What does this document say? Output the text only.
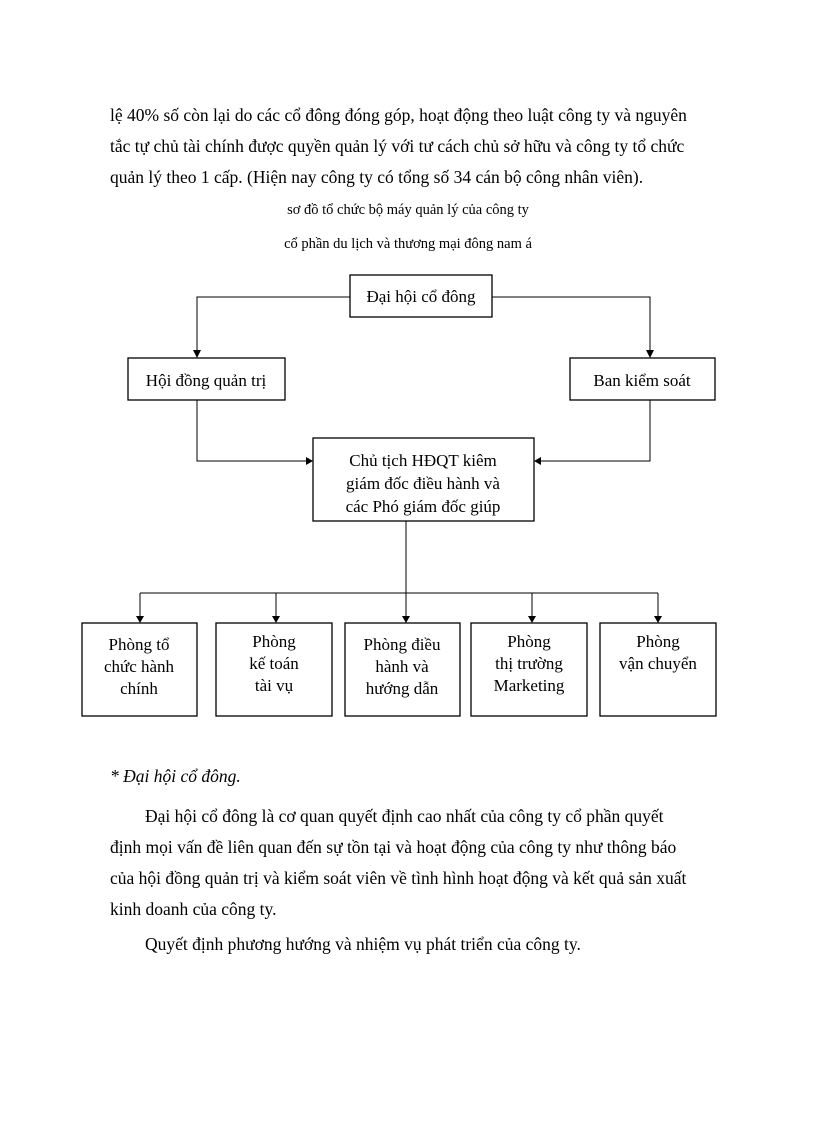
lệ 40% số còn lại do các cổ đông đóng góp, hoạt động theo luật công ty và nguyên
tắc tự chủ tài chính được quyền quản lý với tư cách chủ sở hữu và công ty tổ chức
quản lý theo 1 cấp. (Hiện nay công ty có tổng số 34 cán bộ công nhân viên).
sơ đồ tổ chức bộ máy quản lý của công ty
cổ phần du lịch và thương mại đông nam á
Đại hội cổ đông
Hội đồng quản trị	Ban kiểm soát
Chủ tịch HĐQT kiêm
giám đốc điều hành và
các Phó giám đốc giúp
Phòng tổ
chức hành
chính
Phòng
kế toán
tài vụ
Phòng điều
hành và
hướng dẫn
Phòng
thị trường
Marketing
Phòng
vận chuyển
* Đại hội cổ đông.
Đại hội cổ đông là cơ quan quyết định cao nhất của công ty cổ phần quyết
định mọi vấn đề liên quan đến sự tồn tại và hoạt động của công ty như thông báo
của hội đồng quản trị và kiểm soát viên về tình hình hoạt động và kết quả sản xuất
kinh doanh của công ty.
Quyết định phương hướng và nhiệm vụ phát triển của công ty.
